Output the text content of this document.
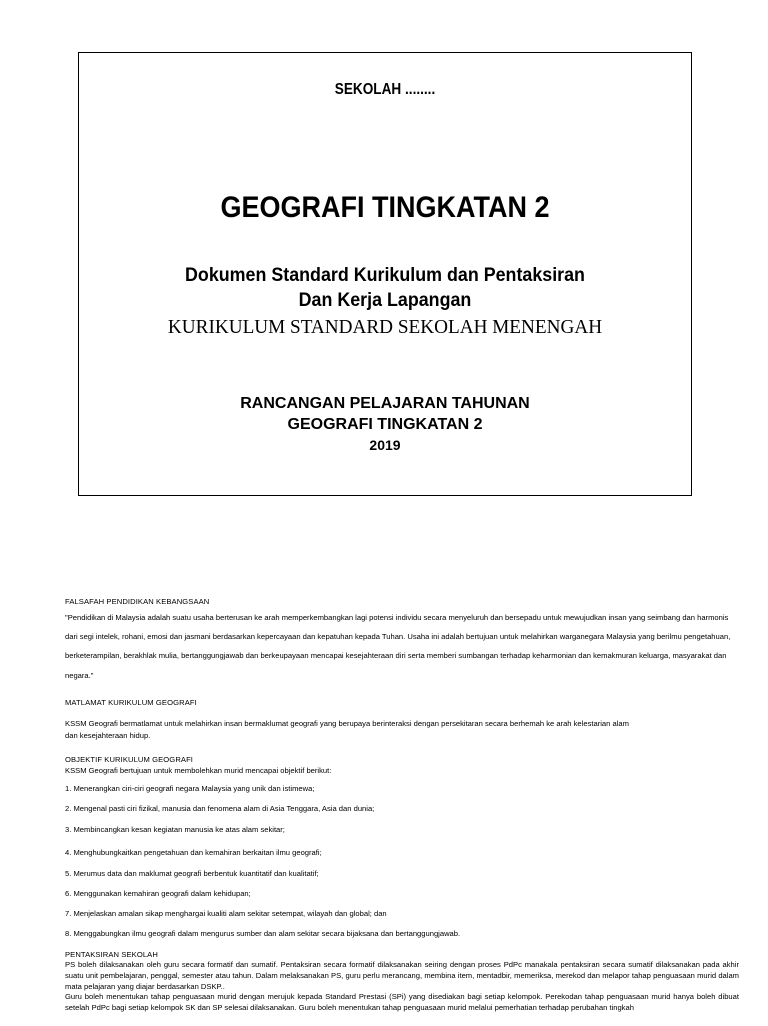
SEKOLAH ........
GEOGRAFI TINGKATAN 2
Dokumen Standard Kurikulum dan Pentaksiran
Dan Kerja Lapangan
KURIKULUM STANDARD SEKOLAH MENENGAH
RANCANGAN PELAJARAN TAHUNAN
GEOGRAFI TINGKATAN 2
2019
FALSAFAH PENDIDIKAN KEBANGSAAN

"Pendidikan di Malaysia adalah suatu usaha berterusan ke arah memperkembangkan lagi potensi individu secara menyeluruh dan bersepadu untuk mewujudkan insan yang seimbang dan harmonis dari segi intelek, rohani, emosi dan jasmani berdasarkan kepercayaan dan kepatuhan kepada Tuhan. Usaha ini adalah bertujuan untuk melahirkan warganegara Malaysia yang berilmu pengetahuan, berketerampilan, berakhlak mulia, bertanggungjawab dan berkeupayaan mencapai kesejahteraan diri serta memberi sumbangan terhadap keharmonian dan kemakmuran keluarga, masyarakat dan negara."

MATLAMAT KURIKULUM GEOGRAFI

KSSM Geografi bermatlamat untuk melahirkan insan bermaklumat geografi yang berupaya berinteraksi dengan persekitaran secara berhemah ke arah kelestarian alam

dan kesejahteraan hidup.

OBJEKTIF KURIKULUM GEOGRAFI

KSSM Geografi bertujuan untuk membolehkan murid mencapai objektif berikut:

1. Menerangkan ciri-ciri geografi negara Malaysia yang unik dan istimewa;
2. Mengenal pasti ciri fizikal, manusia dan fenomena alam di Asia Tenggara, Asia dan dunia;
3. Membincangkan kesan kegiatan manusia ke atas alam sekitar;
4. Menghubungkaitkan pengetahuan dan kemahiran berkaitan ilmu geografi;
5. Merumus data dan maklumat geografi berbentuk kuantitatif dan kualitatif;
6. Menggunakan kemahiran geografi dalam kehidupan;
7. Menjelaskan amalan sikap menghargai kualiti alam sekitar setempat, wilayah dan global; dan
8. Menggabungkan ilmu geografi dalam mengurus sumber dan alam sekitar secara bijaksana dan bertanggungjawab.
PENTAKSIRAN SEKOLAH

PS boleh dilaksanakan oleh guru secara formatif dan sumatif. Pentaksiran secara formatif dilaksanakan seiring dengan proses PdPc manakala pentaksiran secara sumatif dilaksanakan pada akhir suatu unit pembelajaran, penggal, semester atau tahun. Dalam melaksanakan PS, guru perlu merancang, membina item, mentadbir, memeriksa, merekod dan melapor tahap penguasaan murid dalam mata pelajaran yang diajar berdasarkan DSKP..

Guru boleh menentukan tahap penguasaan murid dengan merujuk kepada Standard Prestasi (SPi) yang disediakan bagi setiap kelompok. Perekodan tahap penguasaan murid hanya boleh dibuat setelah PdPc bagi setiap kelompok SK dan SP selesai dilaksanakan. Guru boleh menentukan tahap penguasaan murid melalui pemerhatian terhadap perubahan tingkah
